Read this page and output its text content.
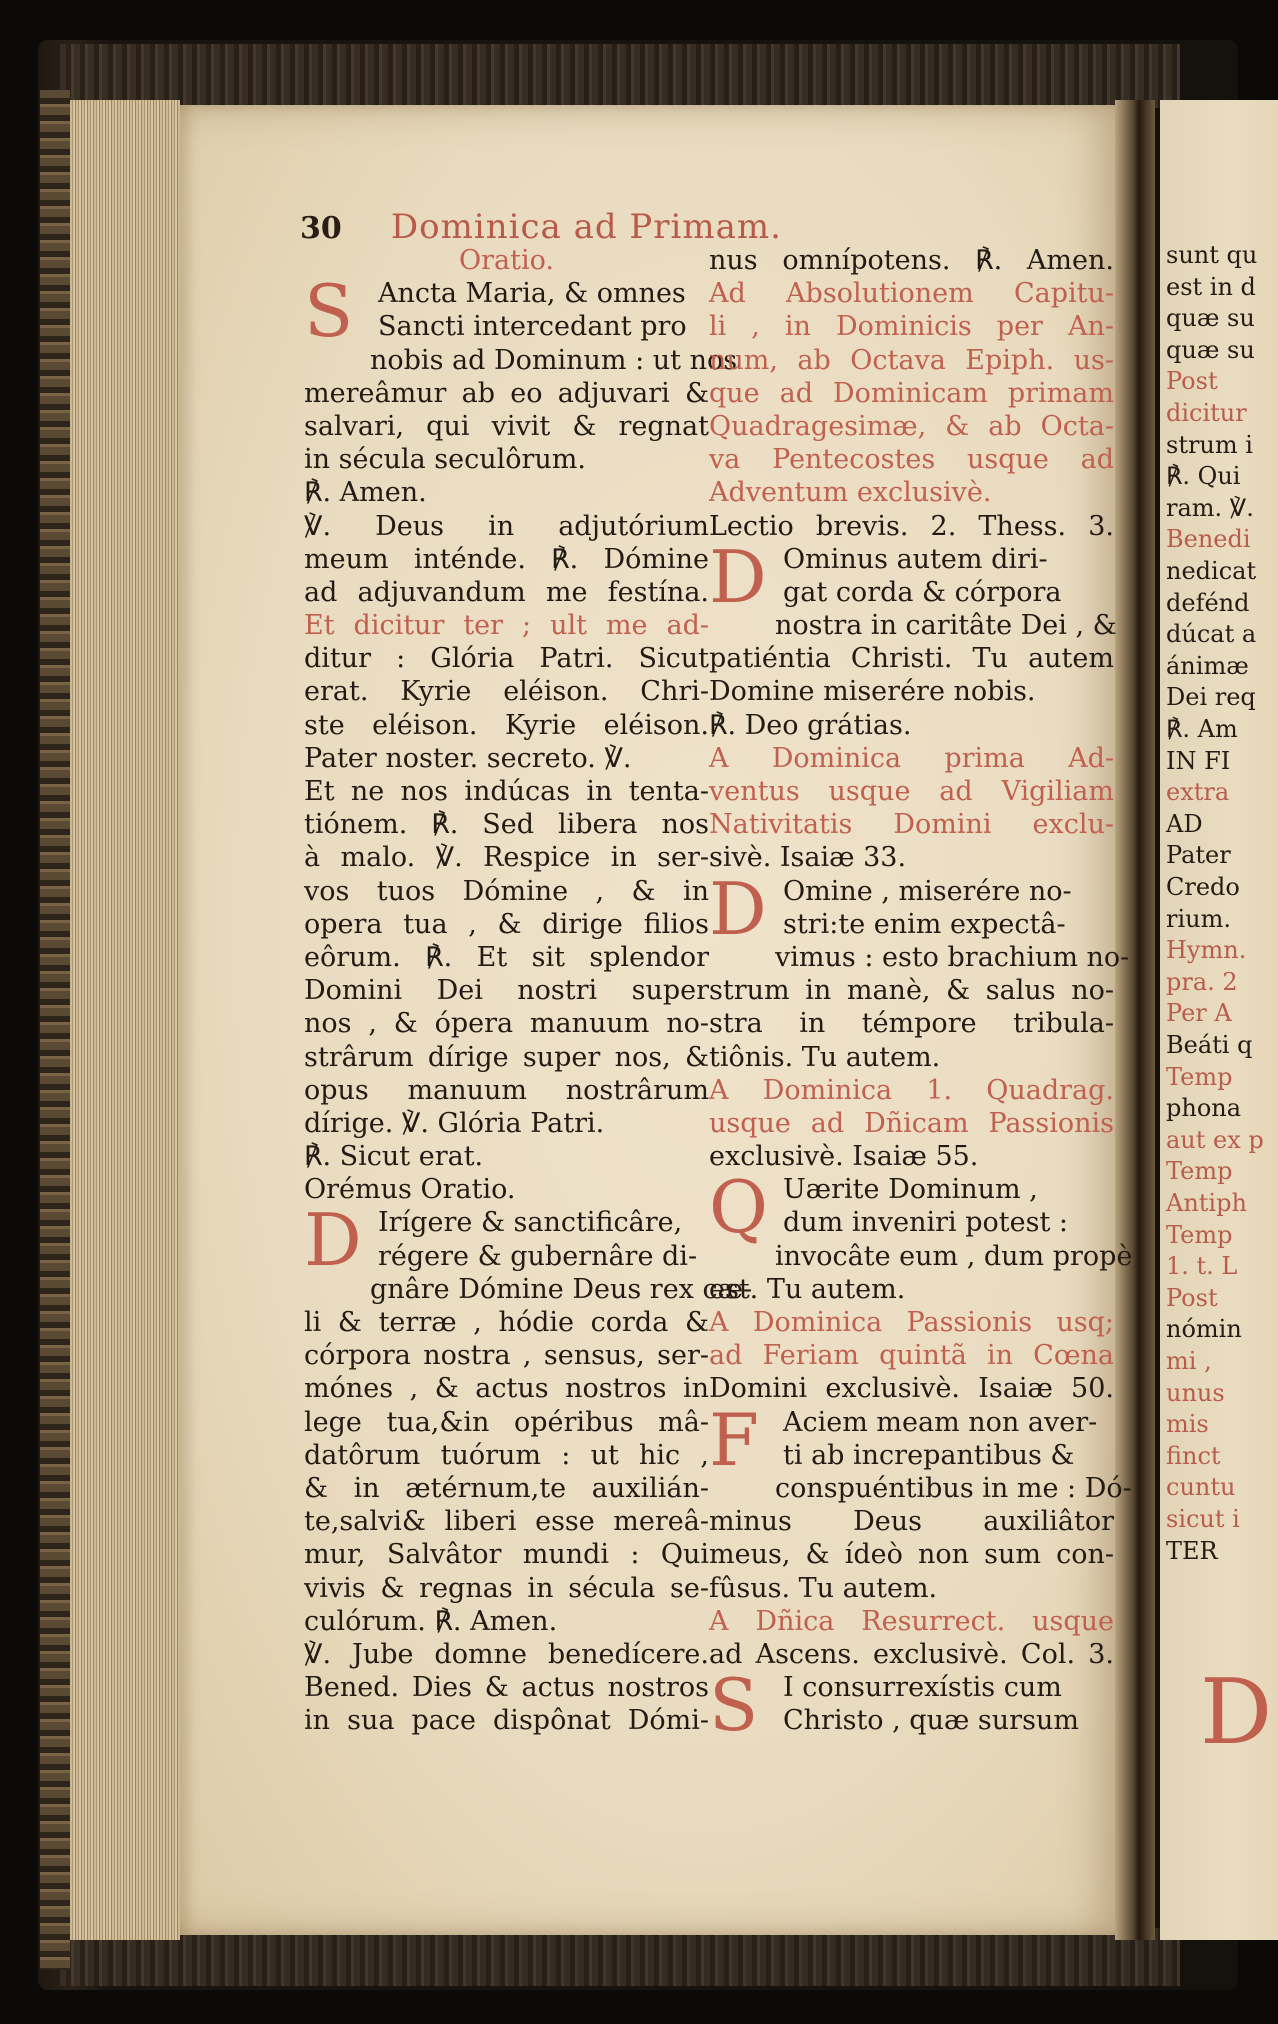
sunt qu
est in d
quæ su
quæ su
Post
dicitur
strum i
℟. Qui
ram. ℣.
Benedi
nedicat
defénd
dúcat a
ánimæ
Dei req
℟. Am
IN FI
extra
AD
Pater
Credo
rium.
Hymn.
pra. 2
Per A
Beáti q
Temp
phona
aut ex p
Temp
Antiph
Temp
1. t. L
Post
nómin
mi ,
unus
mis
finct
cuntu
sicut i
TER
D
30 Dominica ad Primam.
Oratio.
S Ancta Maria, & omnes
Sancti intercedant pro
nobis ad Dominum : ut nos
mereâmur ab eo adjuvari &
salvari, qui vivit & regnat
in sécula seculôrum.
℟. Amen.
℣. Deus in adjutórium
meum inténde. ℟. Dómine
ad adjuvandum me festína.
Et dicitur ter ; ult me ad-
ditur : Glória Patri. Sicut
erat. Kyrie eléison. Chri-
ste eléison. Kyrie eléison.
Pater noster. secreto. ℣.
Et ne nos indúcas in tenta-
tiónem. ℟. Sed libera nos
à malo. ℣. Respice in ser-
vos tuos Dómine , & in
opera tua , & dirige filios
eôrum. ℟. Et sit splendor
Domini Dei nostri super
nos , & ópera manuum no-
strârum dírige super nos, &
opus manuum nostrârum
dírige. ℣. Glória Patri.
℟. Sicut erat.
Orémus Oratio.
D Irígere & sanctificâre,
régere & gubernâre di-
gnâre Dómine Deus rex cæ-
li & terræ , hódie corda &
córpora nostra , sensus, ser-
mónes , & actus nostros in
lege tua,&in opéribus mâ-
datôrum tuórum : ut hic ,
& in ætérnum,te auxilián-
te,salvi& liberi esse mereâ-
mur, Salvâtor mundi : Qui
vivis & regnas in sécula se-
culórum. ℟. Amen.
℣. Jube domne benedícere.
Bened. Dies & actus nostros
in sua pace dispônat Dómi-
nus omnípotens. ℟. Amen.
Ad Absolutionem Capitu-
li , in Dominicis per An-
num, ab Octava Epiph. us-
que ad Dominicam primam
Quadragesimæ, & ab Octa-
va Pentecostes usque ad
Adventum exclusivè.
Lectio brevis. 2. Thess. 3.
D Ominus autem diri-
gat corda & córpora
nostra in caritâte Dei , &
patiéntia Christi. Tu autem
Domine miserére nobis.
℟. Deo grátias.
A Dominica prima Ad-
ventus usque ad Vigiliam
Nativitatis Domini exclu-
sivè. Isaiæ 33.
D Omine , miserére no-
stri:te enim expectâ-
vimus : esto brachium no-
strum in manè, & salus no-
stra in témpore tribula-
tiônis. Tu autem.
A Dominica 1. Quadrag.
usque ad Dñicam Passionis
exclusivè. Isaiæ 55.
Q Uærite Dominum ,
dum inveniri potest :
invocâte eum , dum propè
est. Tu autem.
A Dominica Passionis usq;
ad Feriam quintã in Cœna
Domini exclusivè. Isaiæ 50.
F Aciem meam non aver-
ti ab increpantibus &
conspuéntibus in me : Dó-
minus Deus auxiliâtor
meus, & ídeò non sum con-
fûsus. Tu autem.
A Dñica Resurrect. usque
ad Ascens. exclusivè. Col. 3.
S I consurrexístis cum
Christo , quæ sursum
